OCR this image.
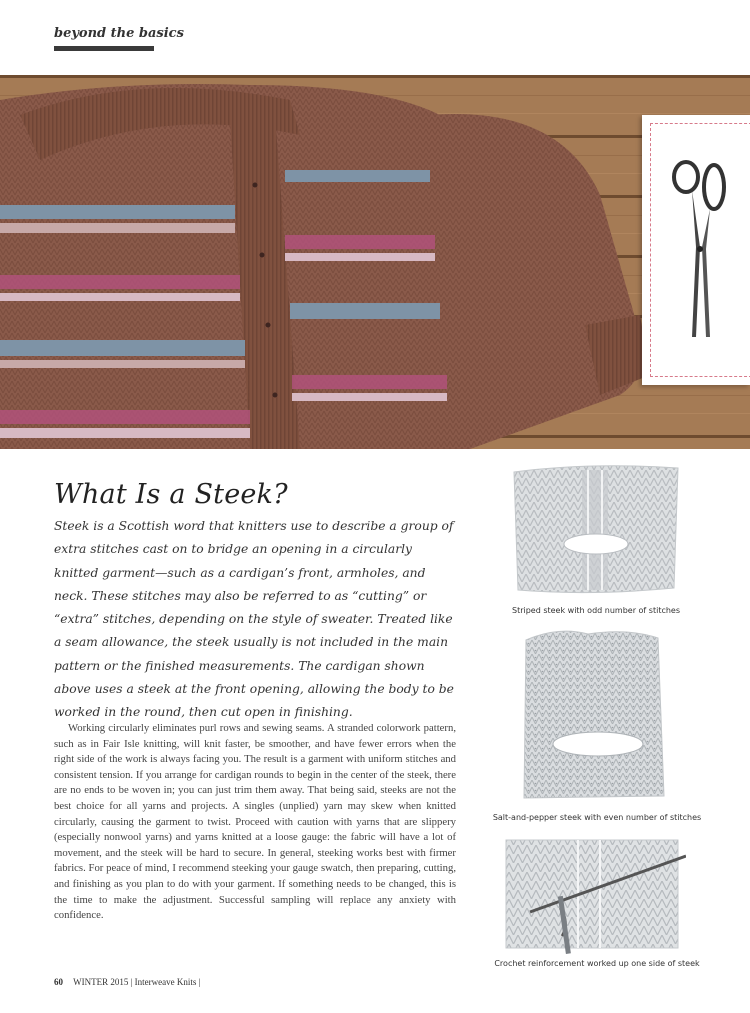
beyond the basics
What Is a Steek?

Steek is a Scottish word that knitters use to describe a group of extra stitches cast on to bridge an opening in a circularly knitted garment—such as a cardigan’s front, armholes, and neck. These stitches may also be referred to as “cutting” or “extra” stitches, depending on the style of sweater. Treated like a seam allowance, the steek usually is not included in the main pattern or the finished measurements. The cardigan shown above uses a steek at the front opening, allowing the body to be worked in the round, then cut open in finishing.

Working circularly eliminates purl rows and sewing seams. A stranded colorwork pattern, such as in Fair Isle knitting, will knit faster, be smoother, and have fewer errors when the right side of the work is always facing you. The result is a garment with uniform stitches and consistent tension. If you arrange for cardigan rounds to begin in the center of the steek, there are no ends to be woven in; you can just trim them away. That being said, steeks are not the best choice for all yarns and projects. A singles (unplied) yarn may skew when knitted circularly, causing the garment to twist. Proceed with caution with yarns that are slippery (especially nonwool yarns) and yarns knitted at a loose gauge: the fabric will have a lot of movement, and the steek will be hard to secure. In general, steeking works best with firmer fabrics. For peace of mind, I recommend steeking your gauge swatch, then preparing, cutting, and finishing as you plan to do with your garment. If something needs to be changed, this is the time to make the adjustment. Successful sampling will replace any anxiety with confidence.

Striped steek with odd number of stitches
Salt-and-pepper steek with even number of stitches
Crochet reinforcement worked up one side of steek
60 WINTER 2015 | Interweave Knits |
